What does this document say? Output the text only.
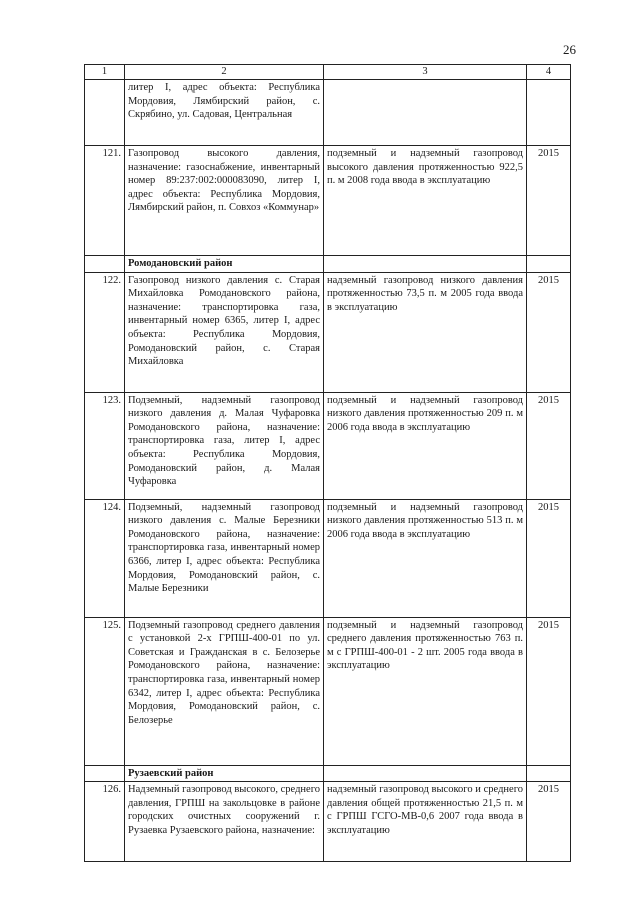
26
1	2	3	4
	литер I, адрес объекта: Республика Мордовия, Лямбирский район, с. Скрябино, ул. Садовая, Центральная		
121.	Газопровод высокого давления, назначение: газоснабжение, инвентарный номер 89:237:002:000083090, литер I, адрес объекта: Республика Мордовия, Лямбирский район, п. Совхоз «Коммунар»	подземный и надземный газопровод высокого давления протяженностью 922,5 п. м 2008 года ввода в эксплуатацию	2015
	Ромодановский район		
122.	Газопровод низкого давления с. Старая Михайловка Ромодановского района, назначение: транспортировка газа, инвентарный номер 6365, литер I, адрес объекта: Республика Мордовия, Ромодановский район, с. Старая Михайловка	надземный газопровод низкого давления протяженностью 73,5 п. м 2005 года ввода в эксплуатацию	2015
123.	Подземный, надземный газопровод низкого давления д. Малая Чуфаровка Ромодановского района, назначение: транспортировка газа, литер I, адрес объекта: Республика Мордовия, Ромодановский район, д. Малая Чуфаровка	подземный и надземный газопровод низкого давления протяженностью 209 п. м 2006 года ввода в эксплуатацию	2015
124.	Подземный, надземный газопровод низкого давления с. Малые Березники Ромодановского района, назначение: транспортировка газа, инвентарный номер 6366, литер I, адрес объекта: Республика Мордовия, Ромодановский район, с. Малые Березники	подземный и надземный газопровод низкого давления протяженностью 513 п. м 2006 года ввода в эксплуатацию	2015
125.	Подземный газопровод среднего давления с установкой 2-х ГРПШ-400-01 по ул. Советская и Гражданская в с. Белозерье Ромодановского района, назначение: транспортировка газа, инвентарный номер 6342, литер I, адрес объекта: Республика Мордовия, Ромодановский район, с. Белозерье	подземный и надземный газопровод среднего давления протяженностью 763 п. м с ГРПШ-400-01 - 2 шт. 2005 года ввода в эксплуатацию	2015
	Рузаевский район		
126.	Надземный газопровод высокого, среднего давления, ГРПШ на закольцовке в районе городских очистных сооружений г. Рузаевка Рузаевского района, назначение:	надземный газопровод высокого и среднего давления общей протяженностью 21,5 п. м с ГРПШ ГСГО-МВ-0,6 2007 года ввода в эксплуатацию	2015
